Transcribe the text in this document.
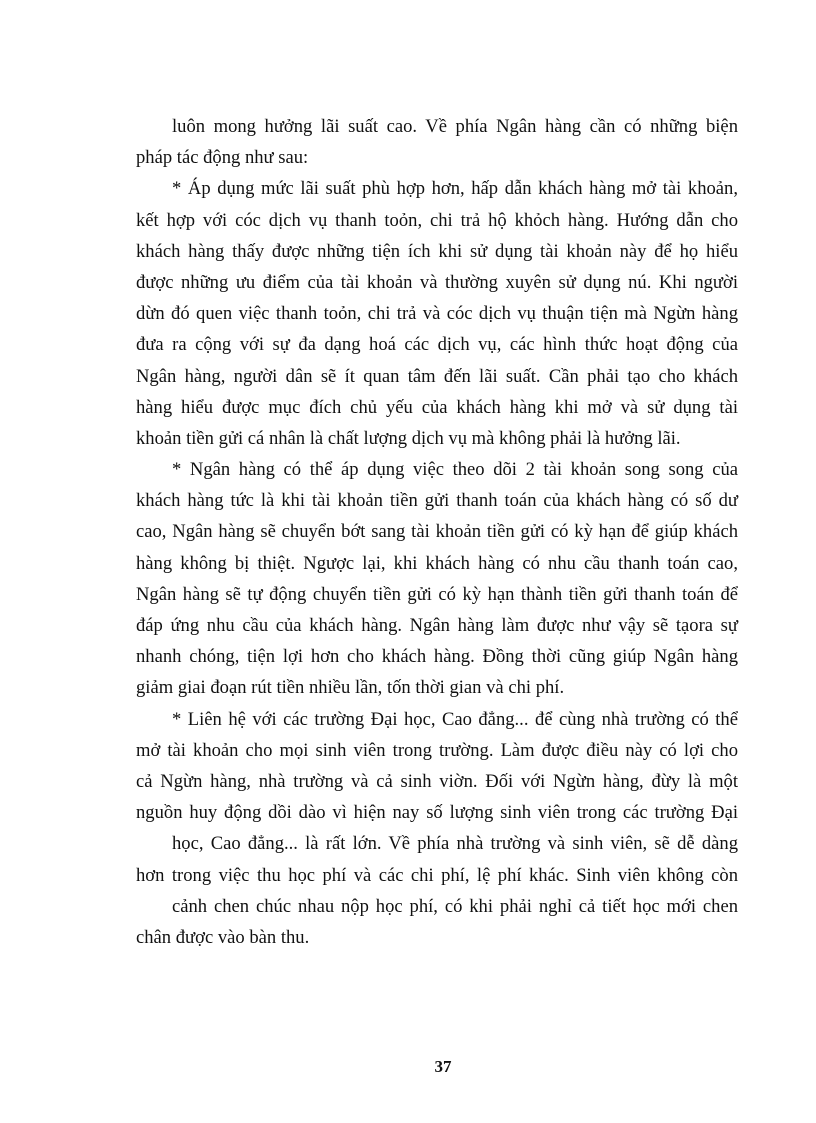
luôn mong hưởng lãi suất cao. Về phía Ngân hàng cần có những biện
pháp tác động như sau:
* Áp dụng mức lãi suất phù hợp hơn, hấp dẫn khách hàng mở tài khoản,
kết hợp với cóc dịch vụ thanh toỏn, chi trả hộ khỏch hàng. Hướng dẫn cho
khách hàng thấy được những tiện ích khi sử dụng tài khoản này để họ hiểu
được những ưu điểm của tài khoản và thường xuyên sử dụng nú. Khi người
dừn đó quen việc thanh toỏn, chi trả và cóc dịch vụ thuận tiện mà Ngừn hàng
đưa ra cộng với sự đa dạng hoá các dịch vụ, các hình thức hoạt động của
Ngân hàng, người dân sẽ ít quan tâm đến lãi suất. Cần phải tạo cho khách
hàng hiểu được mục đích chủ yếu của khách hàng khi mở và sử dụng tài
khoản tiền gửi cá nhân là chất lượng dịch vụ mà không phải là hưởng lãi.
* Ngân hàng có thể áp dụng việc theo dõi 2 tài khoản song song của
khách hàng tức là khi tài khoản tiền gửi thanh toán của khách hàng có số dư
cao, Ngân hàng sẽ chuyển bớt sang tài khoản tiền gửi có kỳ hạn để giúp khách
hàng không bị thiệt. Ngược lại, khi khách hàng có nhu cầu thanh toán cao,
Ngân hàng sẽ tự động chuyển tiền gửi có kỳ hạn thành tiền gửi thanh toán để
đáp ứng nhu cầu của khách hàng. Ngân hàng làm được như vậy sẽ tạora sự
nhanh chóng, tiện lợi hơn cho khách hàng. Đồng thời cũng giúp Ngân hàng
giảm giai đoạn rút tiền nhiều lần, tốn thời gian và chi phí.
* Liên hệ với các trường Đại học, Cao đẳng... để cùng nhà trường có thể
mở tài khoản cho mọi sinh viên trong trường. Làm được điều này có lợi cho
cả Ngừn hàng, nhà trường và cả sinh viờn. Đối với Ngừn hàng, đừy là một
nguồn huy động dồi dào vì hiện nay số lượng sinh viên trong các trường Đại
học, Cao đẳng... là rất lớn. Về phía nhà trường và sinh viên, sẽ dễ dàng
hơn trong việc thu học phí và các chi phí, lệ phí khác. Sinh viên không còn
cảnh chen chúc nhau nộp học phí, có khi phải nghỉ cả tiết học mới chen
chân được vào bàn thu.
37
